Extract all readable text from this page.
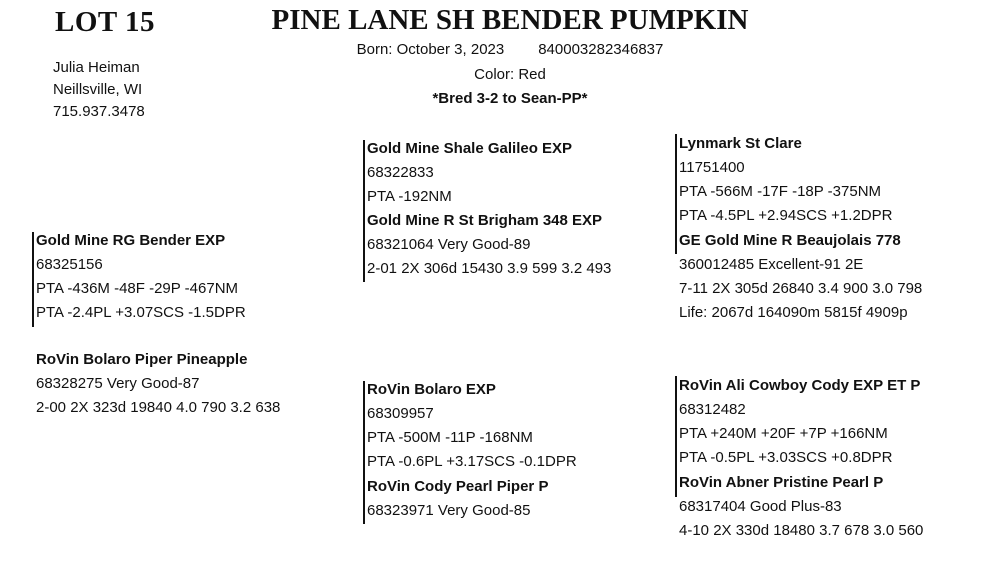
LOT 15	PINE LANE SH BENDER PUMPKIN
Julia Heiman
Neillsville, WI
715.937.3478
Born: October 3, 2023 840003282346837
Color: Red
*Bred 3-2 to Sean-PP*
Gold Mine RG Bender EXP
68325156
PTA -436M -48F -29P -467NM
PTA -2.4PL +3.07SCS -1.5DPR
RoVin Bolaro Piper Pineapple
68328275 Very Good-87
2-00 2X 323d 19840 4.0 790 3.2 638
Gold Mine Shale Galileo EXP
68322833
PTA -192NM
Gold Mine R St Brigham 348 EXP
68321064 Very Good-89
2-01 2X 306d 15430 3.9 599 3.2 493
RoVin Bolaro EXP
68309957
PTA -500M -11P -168NM
PTA -0.6PL +3.17SCS -0.1DPR
RoVin Cody Pearl Piper P
68323971 Very Good-85
Lynmark St Clare
11751400
PTA -566M -17F -18P -375NM
PTA -4.5PL +2.94SCS +1.2DPR
GE Gold Mine R Beaujolais 778
360012485 Excellent-91 2E
7-11 2X 305d 26840 3.4 900 3.0 798
Life: 2067d 164090m 5815f 4909p
RoVin Ali Cowboy Cody EXP ET P
68312482
PTA +240M +20F +7P +166NM
PTA -0.5PL +3.03SCS +0.8DPR
RoVin Abner Pristine Pearl P
68317404 Good Plus-83
4-10 2X 330d 18480 3.7 678 3.0 560
